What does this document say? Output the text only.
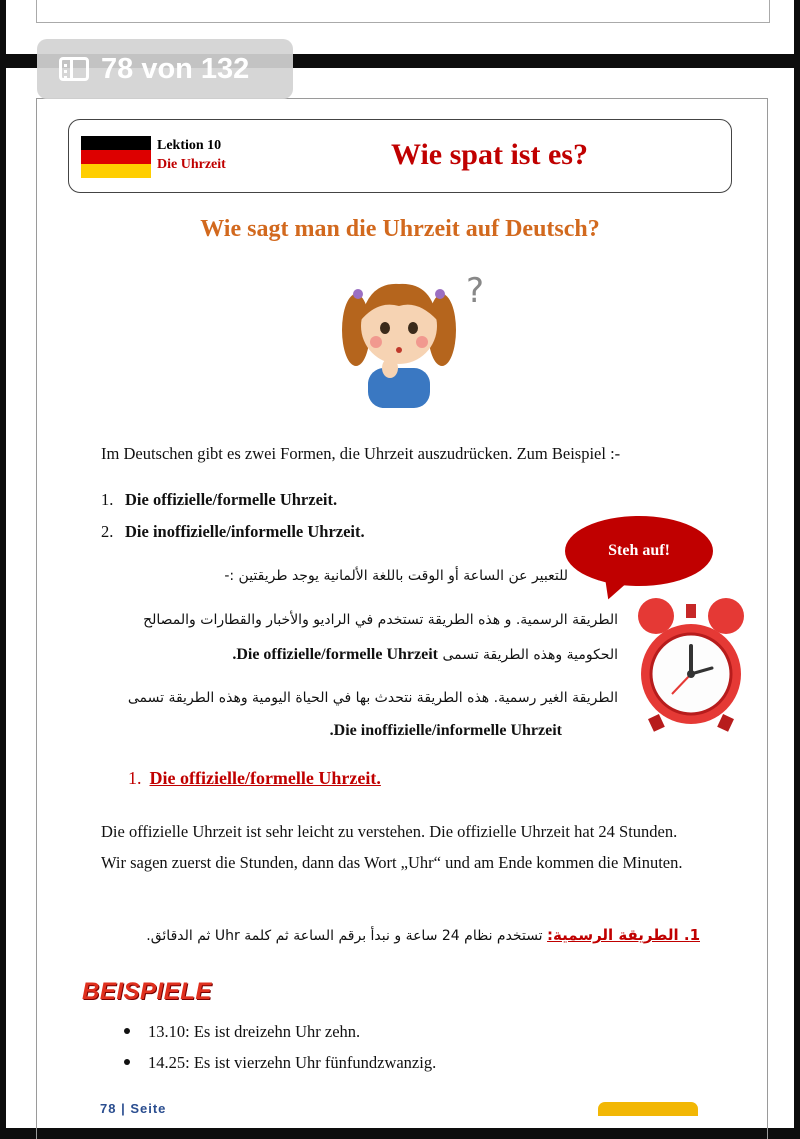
78 von 132
Lektion 10
Die Uhrzeit	Wie spat ist es?
Wie sagt man die Uhrzeit auf Deutsch?
?
Im Deutschen gibt es zwei Formen, die Uhrzeit auszudrücken. Zum Beispiel :-
1. Die offizielle/formelle Uhrzeit.
2. Die inoffizielle/informelle Uhrzeit.
Steh auf!
للتعبير عن الساعة أو الوقت باللغة الألمانية يوجد طريقتين :-
الطريقة الرسمية. و هذه الطريقة تستخدم في الراديو والأخبار والقطارات والمصالح
الحكومية وهذه الطريقة تسمى Die offizielle/formelle Uhrzeit.
الطريقة الغير رسمية. هذه الطريقة نتحدث بها في الحياة اليومية وهذه الطريقة تسمى
Die inoffizielle/informelle Uhrzeit.
1. Die offizielle/formelle Uhrzeit.
Die offizielle Uhrzeit ist sehr leicht zu verstehen. Die offizielle Uhrzeit hat 24 Stunden. Wir sagen zuerst die Stunden, dann das Wort „Uhr“ und am Ende kommen die Minuten.
1. الطريقة الرسمية: تستخدم نظام 24 ساعة و نبدأ برقم الساعة ثم كلمة Uhr ثم الدقائق.
BEISPIELE
13.10: Es ist dreizehn Uhr zehn.
14.25: Es ist vierzehn Uhr fünfundzwanzig.
78 | Seite
